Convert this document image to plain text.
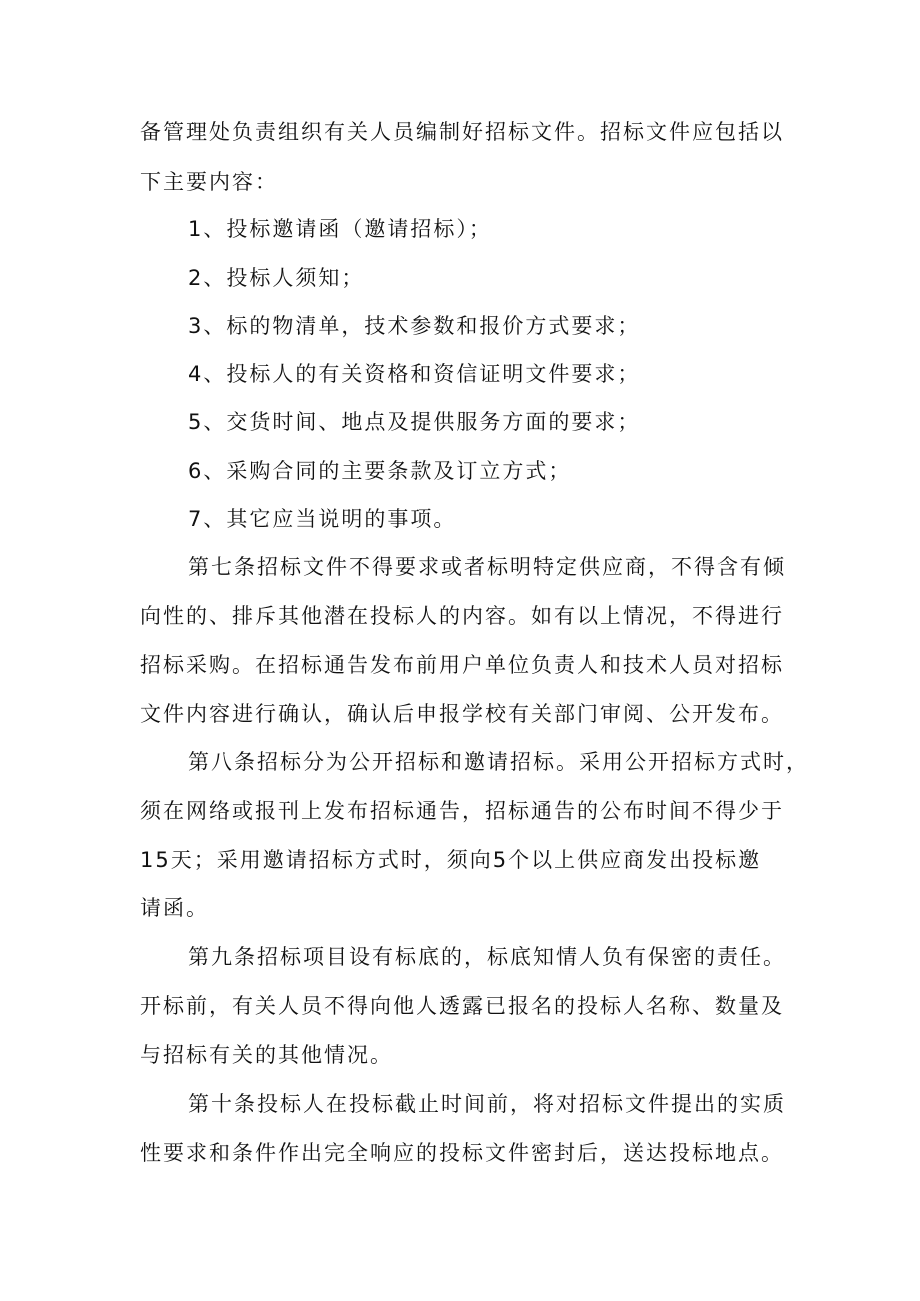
备管理处负责组织有关人员编制好招标文件。招标文件应包括以
下主要内容：
1、投标邀请函（邀请招标）；
2、投标人须知；
3、标的物清单，技术参数和报价方式要求；
4、投标人的有关资格和资信证明文件要求；
5、交货时间、地点及提供服务方面的要求；
6、采购合同的主要条款及订立方式；
7、其它应当说明的事项。
第七条招标文件不得要求或者标明特定供应商，不得含有倾
向性的、排斥其他潜在投标人的内容。如有以上情况，不得进行
招标采购。在招标通告发布前用户单位负责人和技术人员对招标
文件内容进行确认，确认后申报学校有关部门审阅、公开发布。
第八条招标分为公开招标和邀请招标。采用公开招标方式时，
须在网络或报刊上发布招标通告，招标通告的公布时间不得少于
15天；采用邀请招标方式时，须向5个以上供应商发出投标邀
请函。
第九条招标项目设有标底的，标底知情人负有保密的责任。
开标前，有关人员不得向他人透露已报名的投标人名称、数量及
与招标有关的其他情况。
第十条投标人在投标截止时间前，将对招标文件提出的实质
性要求和条件作出完全响应的投标文件密封后，送达投标地点。
